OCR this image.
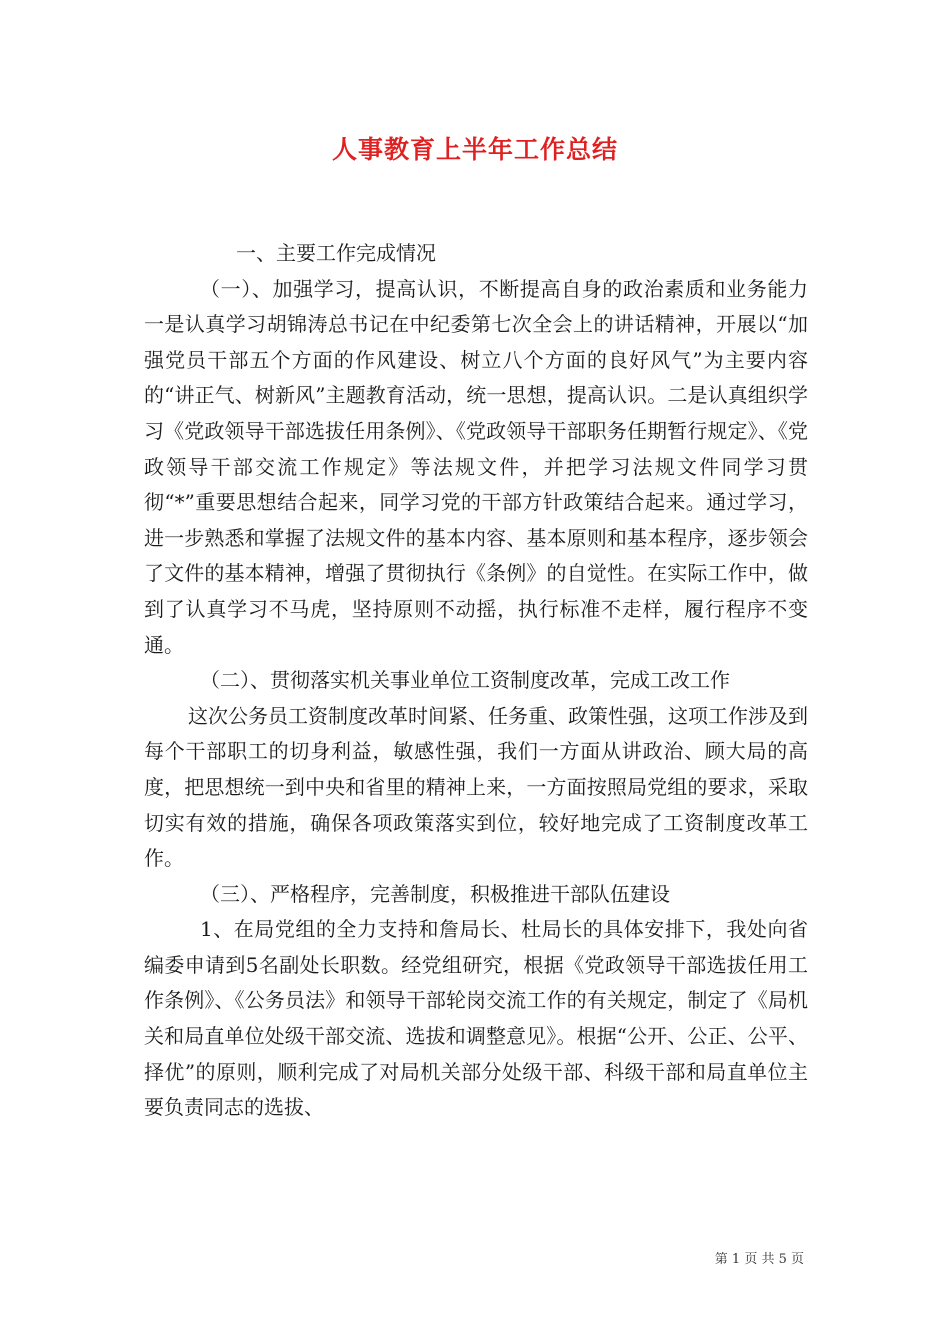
人事教育上半年工作总结

一、主要工作完成情况

（一）、加强学习，提高认识，不断提高自身的政治素质和业务能力一是认真学习胡锦涛总书记在中纪委第七次全会上的讲话精神，开展以“加强党员干部五个方面的作风建设、树立八个方面的良好风气”为主要内容的“讲正气、树新风”主题教育活动，统一思想，提高认识。二是认真组织学习《党政领导干部选拔任用条例》、《党政领导干部职务任期暂行规定》、《党政领导干部交流工作规定》等法规文件，并把学习法规文件同学习贯彻“*”重要思想结合起来，同学习党的干部方针政策结合起来。通过学习，进一步熟悉和掌握了法规文件的基本内容、基本原则和基本程序，逐步领会了文件的基本精神，增强了贯彻执行《条例》的自觉性。在实际工作中，做到了认真学习不马虎，坚持原则不动摇，执行标准不走样，履行程序不变通。

（二）、贯彻落实机关事业单位工资制度改革，完成工改工作

这次公务员工资制度改革时间紧、任务重、政策性强，这项工作涉及到每个干部职工的切身利益，敏感性强，我们一方面从讲政治、顾大局的高度，把思想统一到中央和省里的精神上来，一方面按照局党组的要求，采取切实有效的措施，确保各项政策落实到位，较好地完成了工资制度改革工作。

（三）、严格程序，完善制度，积极推进干部队伍建设

1、在局党组的全力支持和詹局长、杜局长的具体安排下，我处向省编委申请到5名副处长职数。经党组研究，根据《党政领导干部选拔任用工作条例》、《公务员法》和领导干部轮岗交流工作的有关规定，制定了《局机关和局直单位处级干部交流、选拔和调整意见》。根据“公开、公正、公平、择优”的原则，顺利完成了对局机关部分处级干部、科级干部和局直单位主要负责同志的选拔、

第 1 页 共 5 页
